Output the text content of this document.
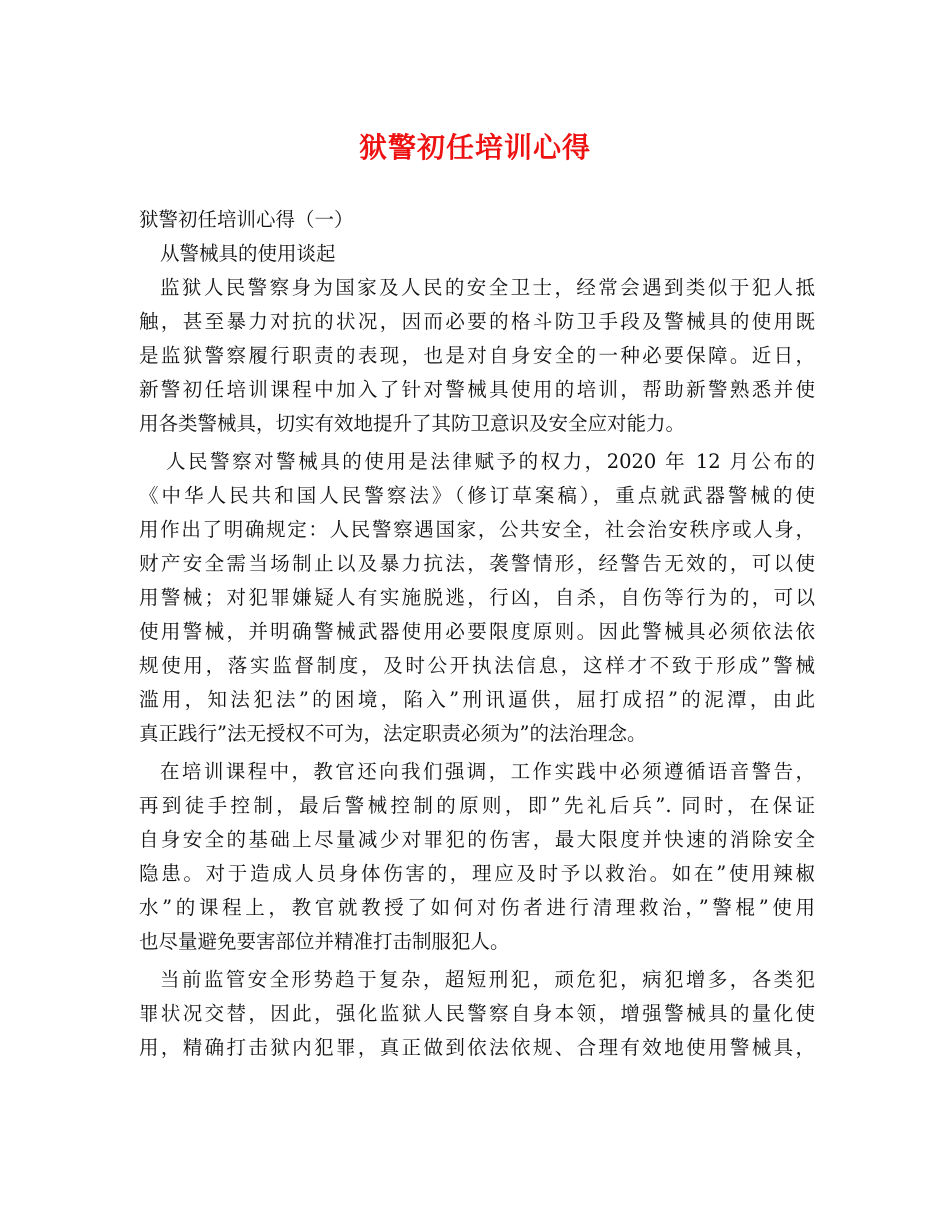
狱警初任培训心得
狱警初任培训心得（一）
从警械具的使用谈起
监狱人民警察身为国家及人民的安全卫士，经常会遇到类似于犯人抵
触，甚至暴力对抗的状况，因而必要的格斗防卫手段及警械具的使用既
是监狱警察履行职责的表现，也是对自身安全的一种必要保障。近日，
新警初任培训课程中加入了针对警械具使用的培训，帮助新警熟悉并使
用各类警械具，切实有效地提升了其防卫意识及安全应对能力。
人民警察对警械具的使用是法律赋予的权力，2020 年 12 月公布的
《中华人民共和国人民警察法》（修订草案稿），重点就武器警械的使
用作出了明确规定：人民警察遇国家，公共安全，社会治安秩序或人身，
财产安全需当场制止以及暴力抗法，袭警情形，经警告无效的，可以使
用警械；对犯罪嫌疑人有实施脱逃，行凶，自杀，自伤等行为的，可以
使用警械，并明确警械武器使用必要限度原则。因此警械具必须依法依
规使用，落实监督制度，及时公开执法信息，这样才不致于形成”警械
滥用，知法犯法”的困境，陷入”刑讯逼供，屈打成招”的泥潭，由此
真正践行”法无授权不可为，法定职责必须为”的法治理念。
在培训课程中，教官还向我们强调，工作实践中必须遵循语音警告，
再到徒手控制，最后警械控制的原则，即”先礼后兵”. 同时，在保证
自身安全的基础上尽量减少对罪犯的伤害，最大限度并快速的消除安全
隐患。对于造成人员身体伤害的，理应及时予以救治。如在”使用辣椒
水”的课程上，教官就教授了如何对伤者进行清理救治，”警棍”使用
也尽量避免要害部位并精准打击制服犯人。
当前监管安全形势趋于复杂，超短刑犯，顽危犯，病犯增多，各类犯
罪状况交替，因此，强化监狱人民警察自身本领，增强警械具的量化使
用，精确打击狱内犯罪，真正做到依法依规、合理有效地使用警械具，
